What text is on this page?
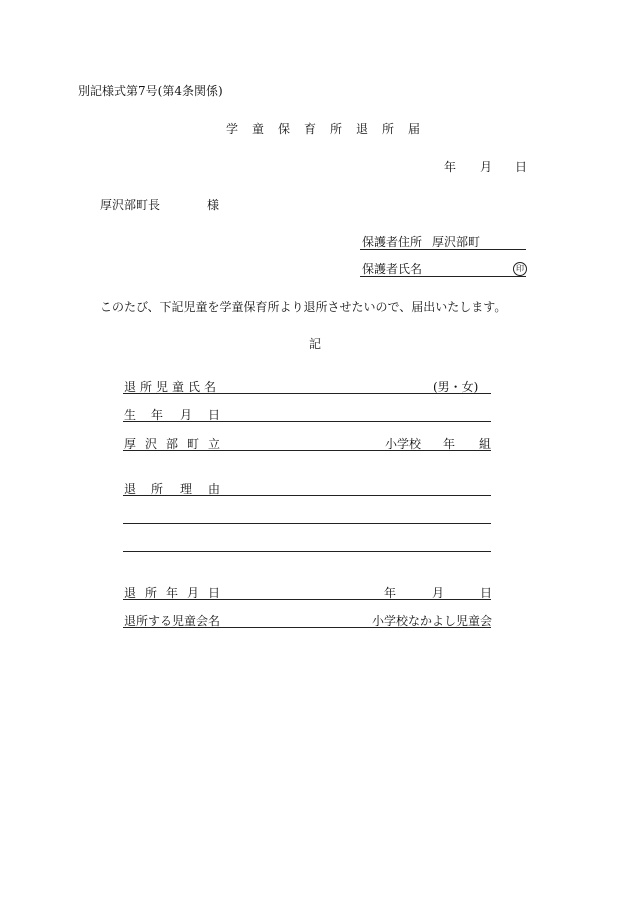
別記様式第7号(第4条関係)
学童保育所退所届
年 月 日
厚沢部町長	様
保護者住所 厚沢部町
保護者氏名	印
このたび、下記児童を学童保育所より退所させたいので、届出いたします。
記
退所児童氏名	(男・女)
生 年 月 日
厚 沢 部 町 立	小学校 年 組
退 所 理 由
退 所 年 月 日	年	月	日
退所する児童会名	小学校なかよし児童会
